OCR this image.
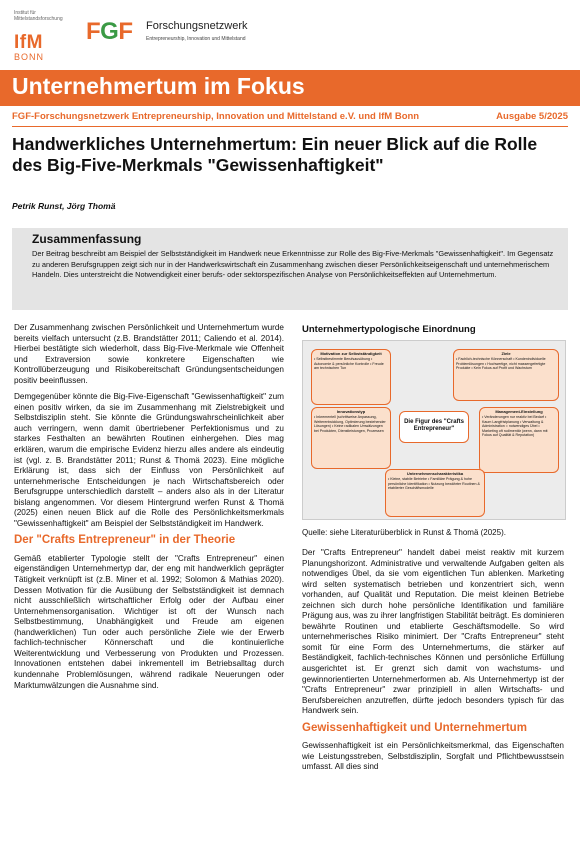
Institut für Mittelstandsforschung
IfM
BONN
FGF Forschungsnetzwerk
Entrepreneurship, Innovation und Mittelstand
Unternehmertum im Fokus
FGF-Forschungsnetzwerk Entrepreneurship, Innovation und Mittelstand e.V. und IfM Bonn	Ausgabe 5/2025
Handwerkliches Unternehmertum: Ein neuer Blick auf die Rolle des Big-Five-Merkmals "Gewissenhaftigkeit"
Petrik Runst, Jörg Thomä
Zusammenfassung

Der Beitrag beschreibt am Beispiel der Selbstständigkeit im Handwerk neue Erkenntnisse zur Rolle des Big-Five-Merkmals "Gewissenhaftigkeit". Im Gegensatz zu anderen Berufsgruppen zeigt sich nur in der Handwerkswirtschaft ein Zusammenhang zwischen dieser Persönlichkeitseigenschaft und unternehmerischem Handeln. Dies unterstreicht die Notwendigkeit einer berufs- oder sektorspezifischen Analyse von Persönlichkeitseffekten auf Unternehmertum.

Der Zusammenhang zwischen Persönlichkeit und Unternehmertum wurde bereits vielfach untersucht (z.B. Brandstätter 2011; Caliendo et al. 2014). Hierbei bestätigte sich wiederholt, dass Big-Five-Merkmale wie Offenheit und Extraversion sowie konkretere Eigenschaften wie Kontrollüberzeugung und Risikobereitschaft Gründungsentscheidungen positiv beeinflussen.

Demgegenüber könnte die Big-Five-Eigenschaft "Gewissenhaftigkeit" zum einen positiv wirken, da sie im Zusammenhang mit Zielstrebigkeit und Selbstdisziplin steht. Sie könnte die Gründungswahrscheinlichkeit aber auch verringern, wenn damit übertriebener Perfektionismus und zu starkes Festhalten an bewährten Routinen einhergehen. Dies mag erklären, warum die empirische Evidenz hierzu alles andere als eindeutig ist (vgl. z. B. Brandstätter 2011; Runst & Thomä 2023). Eine mögliche Erklärung ist, dass sich der Einfluss von Persönlichkeit auf unternehmerische Entscheidungen je nach Wirtschaftsbereich oder Berufsgruppe unterschiedlich darstellt – anders also als in der Literatur bislang angenommen. Vor diesem Hintergrund werfen Runst & Thomä (2025) einen neuen Blick auf die Rolle des Persönlichkeitsmerkmals "Gewissenhaftigkeit" am Beispiel der Selbstständigkeit im Handwerk.

Der "Crafts Entrepreneur" in der Theorie

Gemäß etablierter Typologie stellt der "Crafts Entrepreneur" einen eigenständigen Unternehmertyp dar, der eng mit handwerklich geprägter Tätigkeit verknüpft ist (z.B. Miner et al. 1992; Solomon & Mathias 2020). Dessen Motivation für die Ausübung der Selbstständigkeit ist demnach nicht ausschließlich wirtschaftlicher Erfolg oder der Aufbau einer Unternehmensorganisation. Wichtiger ist oft der Wunsch nach Selbstbestimmung, Unabhängigkeit und Freude am eigenen (handwerklichen) Tun oder auch persönliche Ziele wie der Erwerb fachlich-technischer Könnerschaft und die kontinuierliche Weiterentwicklung und Verbesserung von Produkten und Prozessen. Innovationen entstehen dabei inkrementell im Betriebsalltag durch kundennahe Problemlösungen, während radikale Neuerungen oder Marktumwälzungen die Ausnahme sind.

Unternehmertypologische Einordnung
Motivation zur Selbstständigkeit
• Selbstbestimmte Berufsausübung • Autonomie & persönliche Kontrolle • Freude am technischen Tun
Ziele
• Fachlich-technische Könnerschaft • Kundenindividuelle Problemlösungen • Hochwertige, nicht massengefertigte Produkte • Kein Fokus auf Profit und Wachstum
Die Figur des "Crafts Entrepreneur"
Innovationstyp
• Inkrementell (schrittweise Anpassung, Weiterentwicklung, Optimierung bestehender Lösungen) • Keine radikalen Umwälzungen bei Produkten, Dienstleistungen, Prozessen
Management-Einstellung
• Veränderungen nur reaktiv bei Bedarf • Kaum Langfristplanung • Verwaltung & Administration = notwendiges Übel • Marketing oft rudimentär (wenn, dann mit Fokus auf Qualität & Reputation)
Unternehmenscharakteristika
• Kleine, stabile Betriebe • Familiäre Prägung & hohe persönliche Identifikation • Nutzung bewährter Routinen & etablierter Geschäftsmodelle
Quelle: siehe Literaturüberblick in Runst & Thomä (2025).

Der "Crafts Entrepreneur" handelt dabei meist reaktiv mit kurzem Planungshorizont. Administrative und verwaltende Aufgaben gelten als notwendiges Übel, da sie vom eigentlichen Tun ablenken. Marketing wird selten systematisch betrieben und konzentriert sich, wenn vorhanden, auf Qualität und Reputation. Die meist kleinen Betriebe zeichnen sich durch hohe persönliche Identifikation und familiäre Prägung aus, was zu ihrer langfristigen Stabilität beiträgt. Es dominieren bewährte Routinen und etablierte Geschäftsmodelle. So wird unternehmerisches Risiko minimiert. Der "Crafts Entrepreneur" steht somit für eine Form des Unternehmertums, die stärker auf Beständigkeit, fachlich-technisches Können und persönliche Erfüllung ausgerichtet ist. Er grenzt sich damit von wachstums- und gewinnorientierten Unternehmerformen ab. Als Unternehmertyp ist der "Crafts Entrepreneur" zwar prinzipiell in allen Wirtschafts- und Berufsbereichen anzutreffen, dürfte jedoch besonders typisch für das Handwerk sein.

Gewissenhaftigkeit und Unternehmertum

Gewissenhaftigkeit ist ein Persönlichkeitsmerkmal, das Eigenschaften wie Leistungsstreben, Selbstdisziplin, Sorgfalt und Pflichtbewusstsein umfasst. All dies sind
